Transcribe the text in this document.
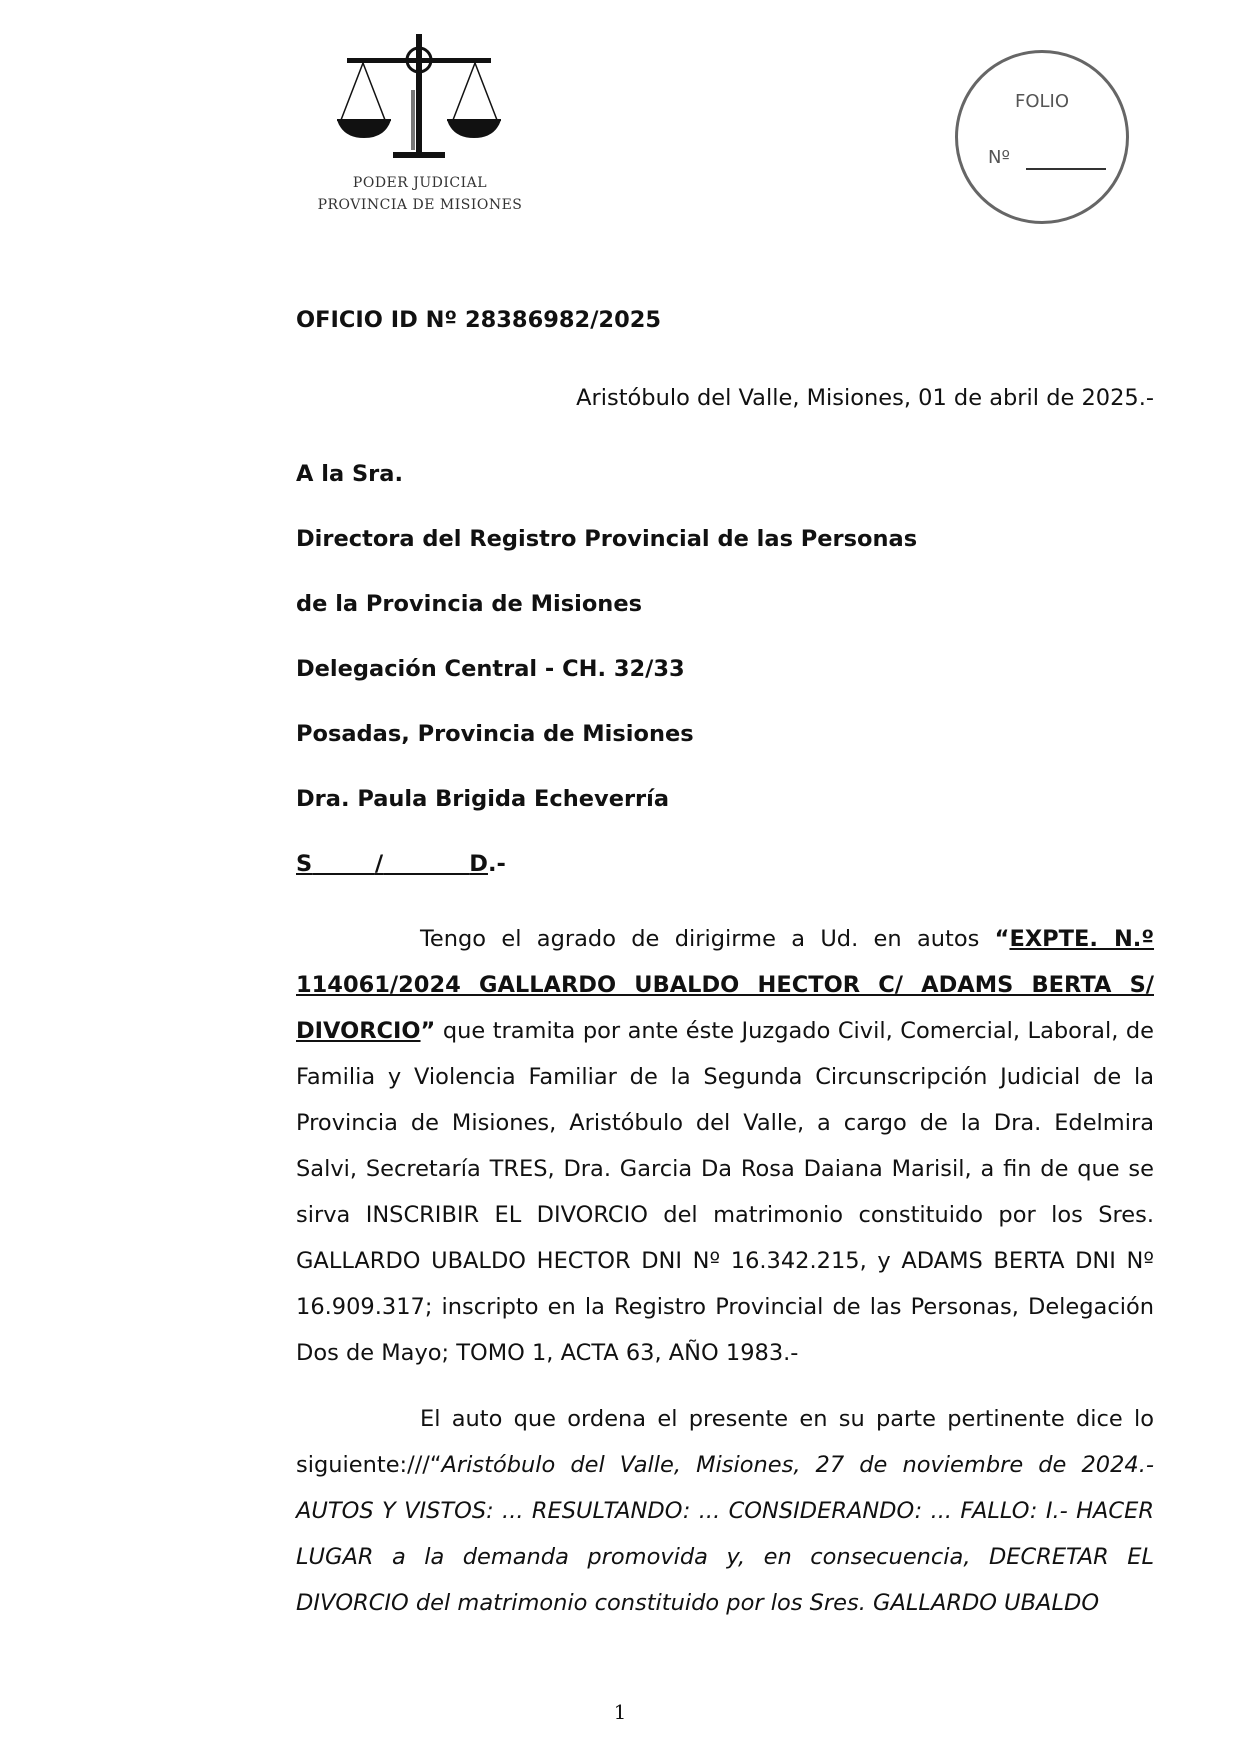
PODER JUDICIAL
PROVINCIA DE MISIONES
FOLIO
Nº
OFICIO ID Nº 28386982/2025
Aristóbulo del Valle, Misiones, 01 de abril de 2025.-
A la Sra.
Directora del Registro Provincial de las Personas
de la Provincia de Misiones
Delegación Central - CH. 32/33
Posadas, Provincia de Misiones
Dra. Paula Brigida Echeverría
S	/	D.-
Tengo el agrado de dirigirme a Ud. en autos “EXPTE. N.º 114061/2024 GALLARDO UBALDO HECTOR C/ ADAMS BERTA S/ DIVORCIO” que tramita por ante éste Juzgado Civil, Comercial, Laboral, de Familia y Violencia Familiar de la Segunda Circunscripción Judicial de la Provincia de Misiones, Aristóbulo del Valle, a cargo de la Dra. Edelmira Salvi, Secretaría TRES, Dra. Garcia Da Rosa Daiana Marisil, a fin de que se sirva INSCRIBIR EL DIVORCIO del matrimonio constituido por los Sres. GALLARDO UBALDO HECTOR DNI Nº 16.342.215, y ADAMS BERTA DNI Nº 16.909.317; inscripto en la Registro Provincial de las Personas, Delegación Dos de Mayo; TOMO 1, ACTA 63, AÑO 1983.-
El auto que ordena el presente en su parte pertinente dice lo siguiente:///“Aristóbulo del Valle, Misiones, 27 de noviembre de 2024.- AUTOS Y VISTOS: ... RESULTANDO: ... CONSIDERANDO: ... FALLO: I.- HACER LUGAR a la demanda promovida y, en consecuencia, DECRETAR EL DIVORCIO del matrimonio constituido por los Sres. GALLARDO UBALDO
1
